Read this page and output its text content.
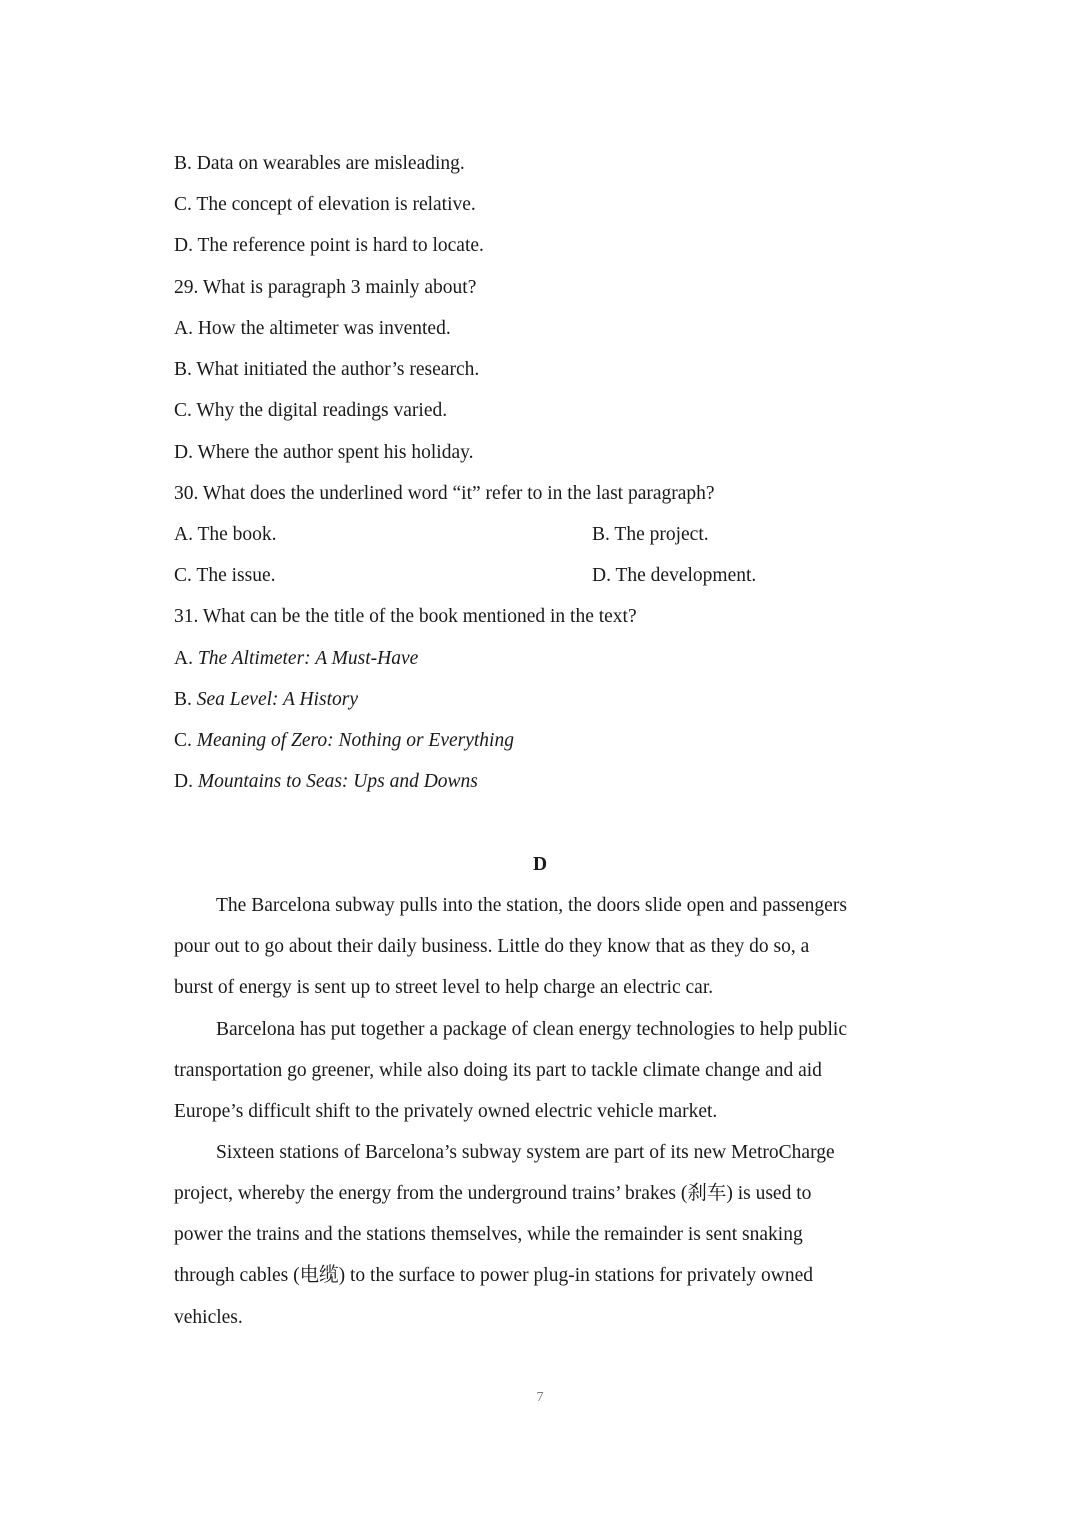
B. Data on wearables are misleading.
C. The concept of elevation is relative.
D. The reference point is hard to locate.
29. What is paragraph 3 mainly about?
A. How the altimeter was invented.
B. What initiated the author’s research.
C. Why the digital readings varied.
D. Where the author spent his holiday.
30. What does the underlined word “it” refer to in the last paragraph?
A. The book.	B. The project.
C. The issue.	D. The development.
31. What can be the title of the book mentioned in the text?
A. The Altimeter: A Must-Have
B. Sea Level: A History
C. Meaning of Zero: Nothing or Everything
D. Mountains to Seas: Ups and Downs
D
The Barcelona subway pulls into the station, the doors slide open and passengers
pour out to go about their daily business. Little do they know that as they do so, a
burst of energy is sent up to street level to help charge an electric car.
Barcelona has put together a package of clean energy technologies to help public
transportation go greener, while also doing its part to tackle climate change and aid
Europe’s difficult shift to the privately owned electric vehicle market.
Sixteen stations of Barcelona’s subway system are part of its new MetroCharge
project, whereby the energy from the underground trains’ brakes (刹车) is used to
power the trains and the stations themselves, while the remainder is sent snaking
through cables (电缆) to the surface to power plug-in stations for privately owned
vehicles.
7
